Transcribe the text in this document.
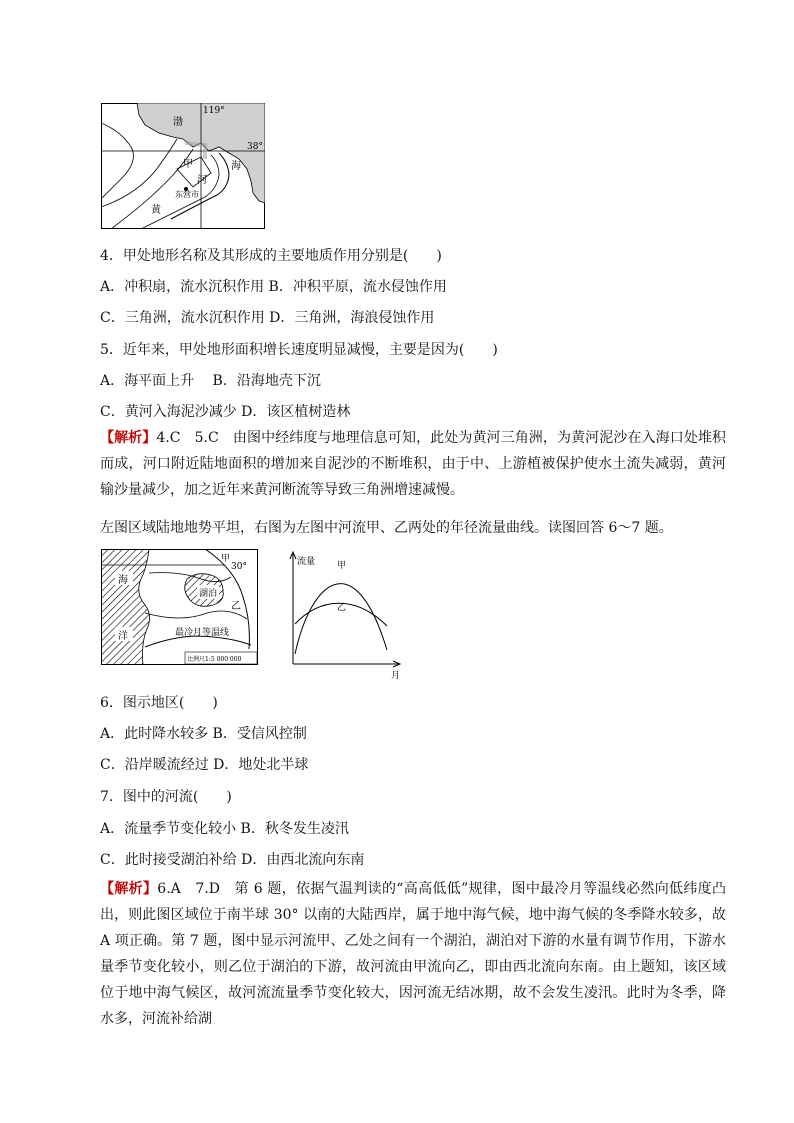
119°
38°
渤
海
甲
河
东营市
黄
4．甲处地形名称及其形成的主要地质作用分别是(　　)
A．冲积扇，流水沉积作用 B．冲积平原，流水侵蚀作用
C．三角洲，流水沉积作用 D．三角洲，海浪侵蚀作用
5．近年来，甲处地形面积增长速度明显减慢，主要是因为(　　)
A．海平面上升　 B．沿海地壳下沉
C．黄河入海泥沙减少 D．该区植树造林
【解析】4.C　5.C　由图中经纬度与地理信息可知，此处为黄河三角洲，为黄河泥沙在入海口处堆积而成，河口附近陆地面积的增加来自泥沙的不断堆积，由于中、上游植被保护使水土流失减弱，黄河输沙量减少，加之近年来黄河断流等导致三角洲增速减慢。
左图区域陆地地势平坦，右图为左图中河流甲、乙两处的年径流量曲线。读图回答 6～7 题。
甲
30°
海
洋
湖泊
乙
最冷月等温线
比例尺1:5 000 000
流量 甲
乙
月
6．图示地区(　　)
A．此时降水较多 B．受信风控制
C．沿岸暖流经过 D．地处北半球
7．图中的河流(　　)
A．流量季节变化较小 B．秋冬发生凌汛
C．此时接受湖泊补给 D．由西北流向东南
【解析】6.A　7.D　第 6 题，依据气温判读的“高高低低”规律，图中最冷月等温线必然向低纬度凸出，则此图区域位于南半球 30° 以南的大陆西岸，属于地中海气候，地中海气候的冬季降水较多，故 A 项正确。第 7 题，图中显示河流甲、乙处之间有一个湖泊，湖泊对下游的水量有调节作用，下游水量季节变化较小，则乙位于湖泊的下游，故河流由甲流向乙，即由西北流向东南。由上题知，该区域位于地中海气候区，故河流流量季节变化较大，因河流无结冰期，故不会发生凌汛。此时为冬季，降水多，河流补给湖
